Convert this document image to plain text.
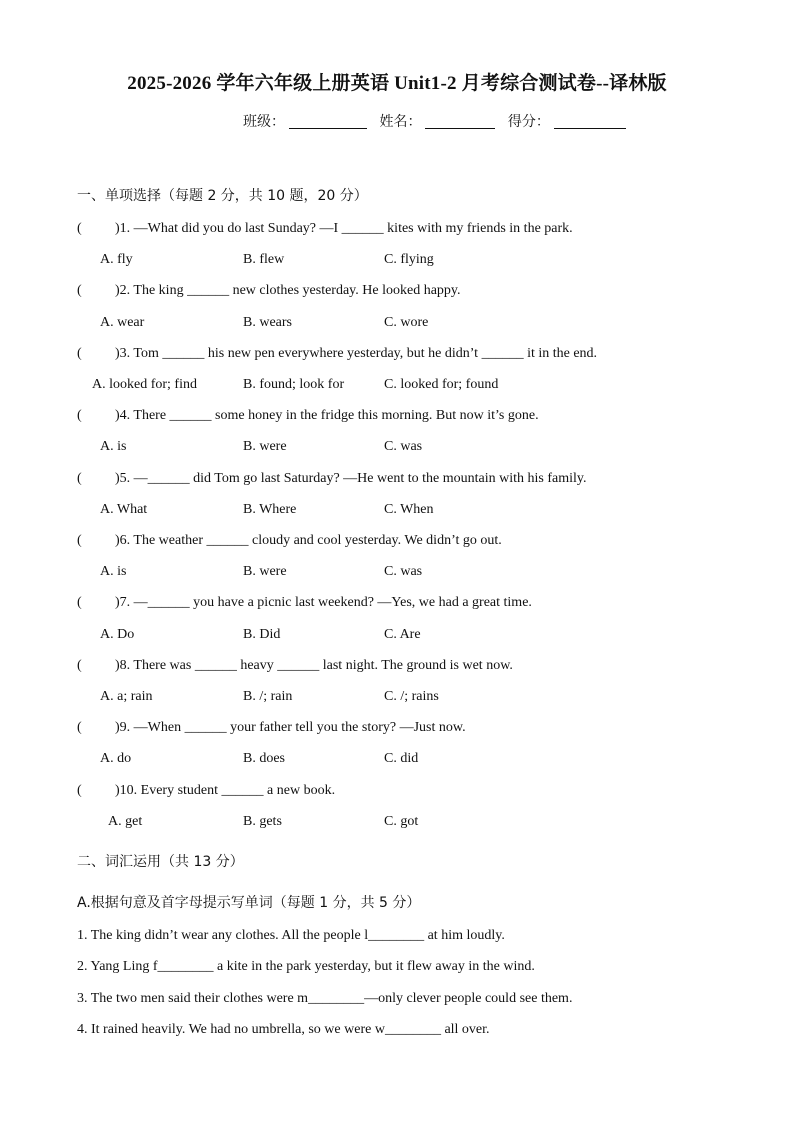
2025-2026 学年六年级上册英语 Unit1-2 月考综合测试卷--译林版
班级：	姓名：	得分：
一、单项选择（每题 2 分，共 10 题，20 分）
( )1. —What did you do last Sunday? —I ______ kites with my friends in the park.
A. fly	B. flew	C. flying
( )2. The king ______ new clothes yesterday. He looked happy.
A. wear	B. wears	C. wore
( )3. Tom ______ his new pen everywhere yesterday, but he didn’t ______ it in the end.
A. looked for; find	B. found; look for	C. looked for; found
( )4. There ______ some honey in the fridge this morning. But now it’s gone.
A. is	B. were	C. was
( )5. —______ did Tom go last Saturday? —He went to the mountain with his family.
A. What	B. Where	C. When
( )6. The weather ______ cloudy and cool yesterday. We didn’t go out.
A. is	B. were	C. was
( )7. —______ you have a picnic last weekend? —Yes, we had a great time.
A. Do	B. Did	C. Are
( )8. There was ______ heavy ______ last night. The ground is wet now.
A. a; rain	B. /; rain	C. /; rains
( )9. —When ______ your father tell you the story? —Just now.
A. do	B. does	C. did
( )10. Every student ______ a new book.
A. get	B. gets	C. got
二、词汇运用（共 13 分）
A.根据句意及首字母提示写单词（每题 1 分，共 5 分）
1. The king didn’t wear any clothes. All the people l________ at him loudly.
2. Yang Ling f________ a kite in the park yesterday, but it flew away in the wind.
3. The two men said their clothes were m________—only clever people could see them.
4. It rained heavily. We had no umbrella, so we were w________ all over.
